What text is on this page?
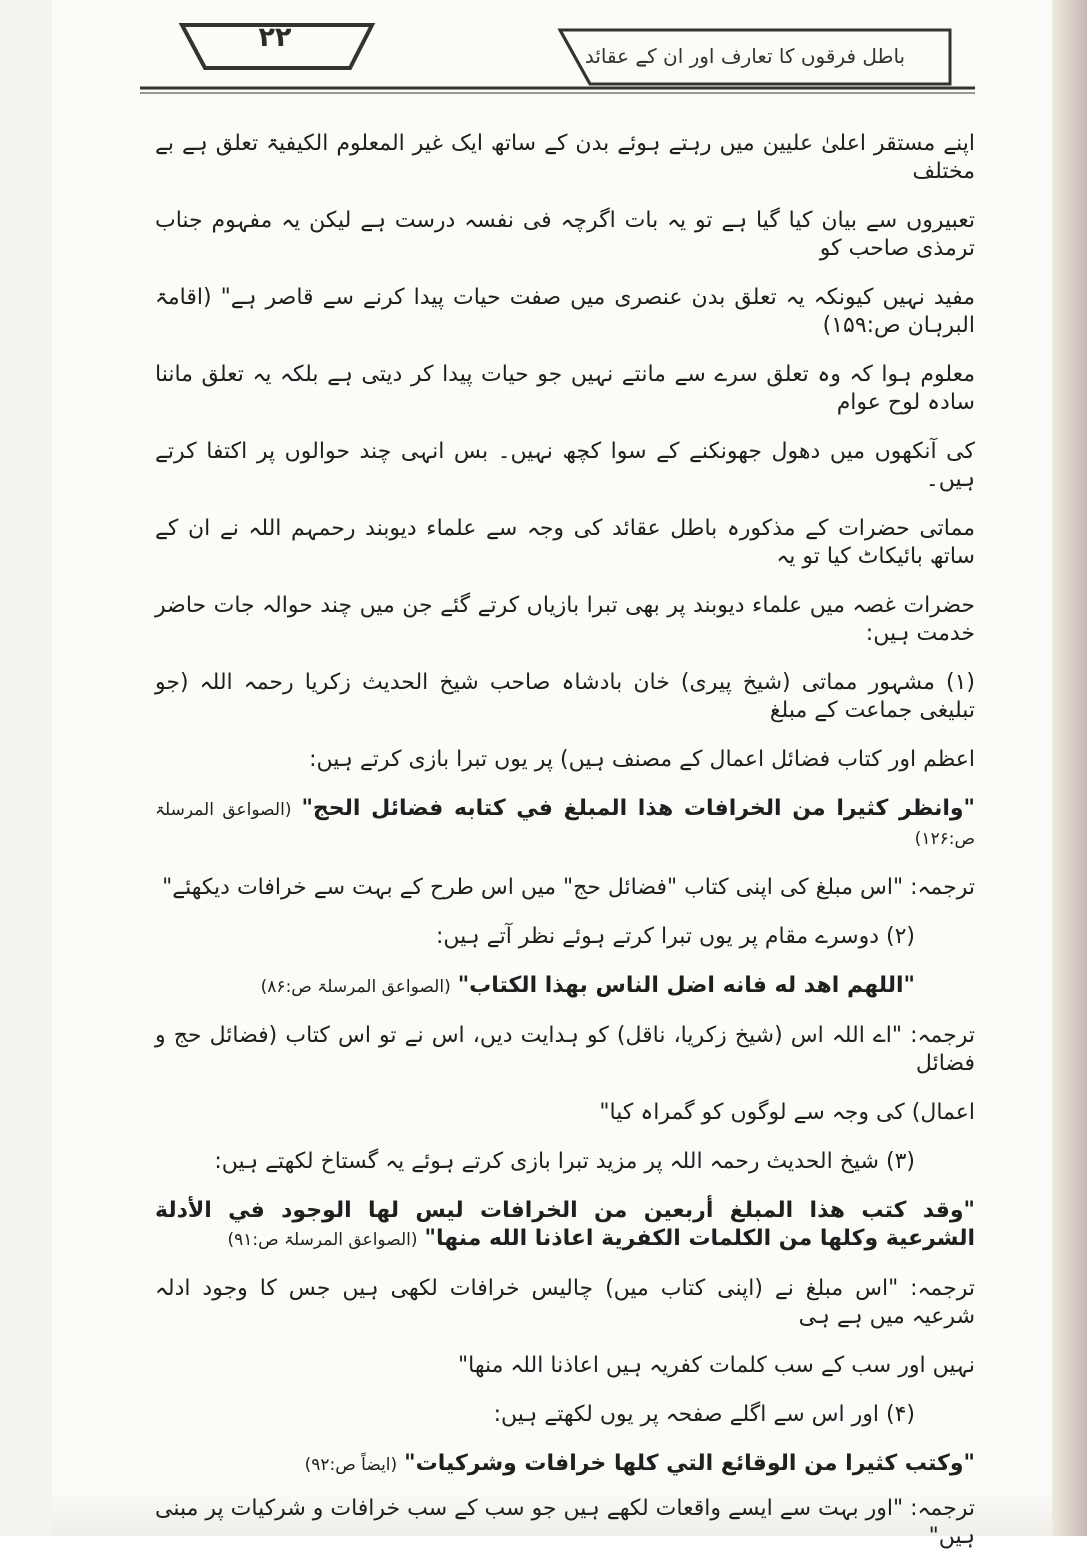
۲۲
باطل فرقوں کا تعارف اور ان کے عقائد

اپنے مستقر اعلیٰ علیین میں رہتے ہوئے بدن کے ساتھ ایک غیر المعلوم الکیفیۃ تعلق ہے بے مختلف

تعبیروں سے بیان کیا گیا ہے تو یہ بات اگرچہ فی نفسہ درست ہے لیکن یہ مفہوم جناب ترمذی صاحب کو

مفید نہیں کیونکہ یہ تعلق بدن عنصری میں صفت حیات پیدا کرنے سے قاصر ہے" (اقامۃ البرہان ص:۱۵۹)

معلوم ہوا کہ وہ تعلق سرے سے مانتے نہیں جو حیات پیدا کر دیتی ہے بلکہ یہ تعلق ماننا سادہ لوح عوام

کی آنکھوں میں دھول جھونکنے کے سوا کچھ نہیں۔ بس انہی چند حوالوں پر اکتفا کرتے ہیں۔

مماتی حضرات کے مذکورہ باطل عقائد کی وجہ سے علماء دیوبند رحمہم اللہ نے ان کے ساتھ بائیکاٹ کیا تو یہ

حضرات غصہ میں علماء دیوبند پر بھی تبرا بازیاں کرتے گئے جن میں چند حوالہ جات حاضر خدمت ہیں:

(۱) مشہور مماتی (شیخ پیری) خان بادشاہ صاحب شیخ الحدیث زکریا رحمہ اللہ (جو تبلیغی جماعت کے مبلغ

اعظم اور کتاب فضائل اعمال کے مصنف ہیں) پر یوں تبرا بازی کرتے ہیں:

"وانظر كثيرا من الخرافات هذا المبلغ في كتابه فضائل الحج" (الصواعق المرسلۃ ص:۱۲۶)

ترجمہ: "اس مبلغ کی اپنی کتاب "فضائل حج" میں اس طرح کے بہت سے خرافات دیکھئے"

(۲) دوسرے مقام پر یوں تبرا کرتے ہوئے نظر آتے ہیں:

"اللهم اهد له فانه اضل الناس بهذا الكتاب" (الصواعق المرسلۃ ص:۸۶)

ترجمہ: "اے اللہ اس (شیخ زکریا، ناقل) کو ہدایت دیں، اس نے تو اس کتاب (فضائل حج و فضائل

اعمال) کی وجہ سے لوگوں کو گمراہ کیا"

(۳) شیخ الحدیث رحمہ اللہ پر مزید تبرا بازی کرتے ہوئے یہ گستاخ لکھتے ہیں:

"وقد كتب هذا المبلغ أربعين من الخرافات ليس لها الوجود في الأدلة الشرعية وكلها من الكلمات الكفرية اعاذنا الله منها" (الصواعق المرسلۃ ص:۹۱)

ترجمہ: "اس مبلغ نے (اپنی کتاب میں) چالیس خرافات لکھی ہیں جس کا وجود ادلہ شرعیہ میں ہے ہی

نہیں اور سب کے سب کلمات کفریہ ہیں اعاذنا اللہ منھا"

(۴) اور اس سے اگلے صفحہ پر یوں لکھتے ہیں:

"وكتب كثيرا من الوقائع التي كلها خرافات وشركيات" (ایضاً ص:۹۲)

ترجمہ: "اور بہت سے ایسے واقعات لکھے ہیں جو سب کے سب خرافات و شرکیات پر مبنی ہیں"
